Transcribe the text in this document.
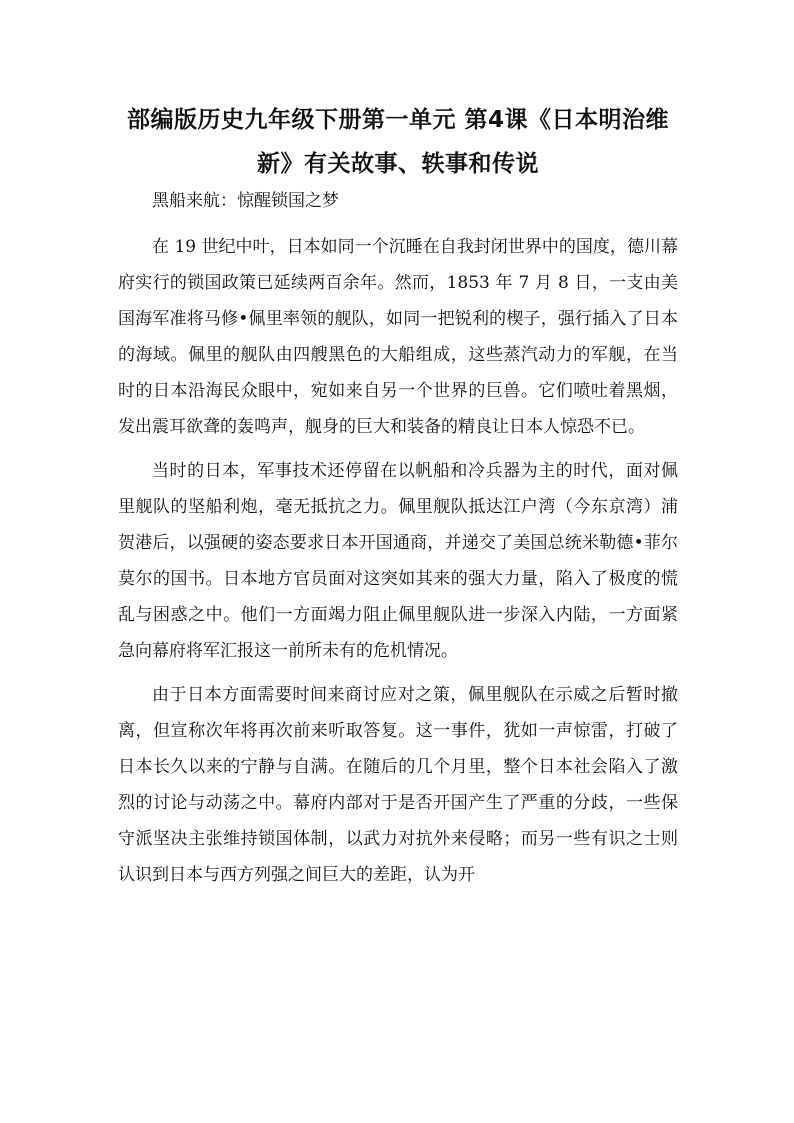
部编版历史九年级下册第一单元 第4课《日本明治维新》有关故事、轶事和传说

黑船来航：惊醒锁国之梦

在 19 世纪中叶，日本如同一个沉睡在自我封闭世界中的国度，德川幕府实行的锁国政策已延续两百余年。然而，1853 年 7 月 8 日，一支由美国海军准将马修•佩里率领的舰队，如同一把锐利的楔子，强行插入了日本的海域。佩里的舰队由四艘黑色的大船组成，这些蒸汽动力的军舰，在当时的日本沿海民众眼中，宛如来自另一个世界的巨兽。它们喷吐着黑烟，发出震耳欲聋的轰鸣声，舰身的巨大和装备的精良让日本人惊恐不已。

当时的日本，军事技术还停留在以帆船和冷兵器为主的时代，面对佩里舰队的坚船利炮，毫无抵抗之力。佩里舰队抵达江户湾（今东京湾）浦贺港后，以强硬的姿态要求日本开国通商，并递交了美国总统米勒德•菲尔莫尔的国书。日本地方官员面对这突如其来的强大力量，陷入了极度的慌乱与困惑之中。他们一方面竭力阻止佩里舰队进一步深入内陆，一方面紧急向幕府将军汇报这一前所未有的危机情况。

由于日本方面需要时间来商讨应对之策，佩里舰队在示威之后暂时撤离，但宣称次年将再次前来听取答复。这一事件，犹如一声惊雷，打破了日本长久以来的宁静与自满。在随后的几个月里，整个日本社会陷入了激烈的讨论与动荡之中。幕府内部对于是否开国产生了严重的分歧，一些保守派坚决主张维持锁国体制，以武力对抗外来侵略；而另一些有识之士则认识到日本与西方列强之间巨大的差距，认为开
